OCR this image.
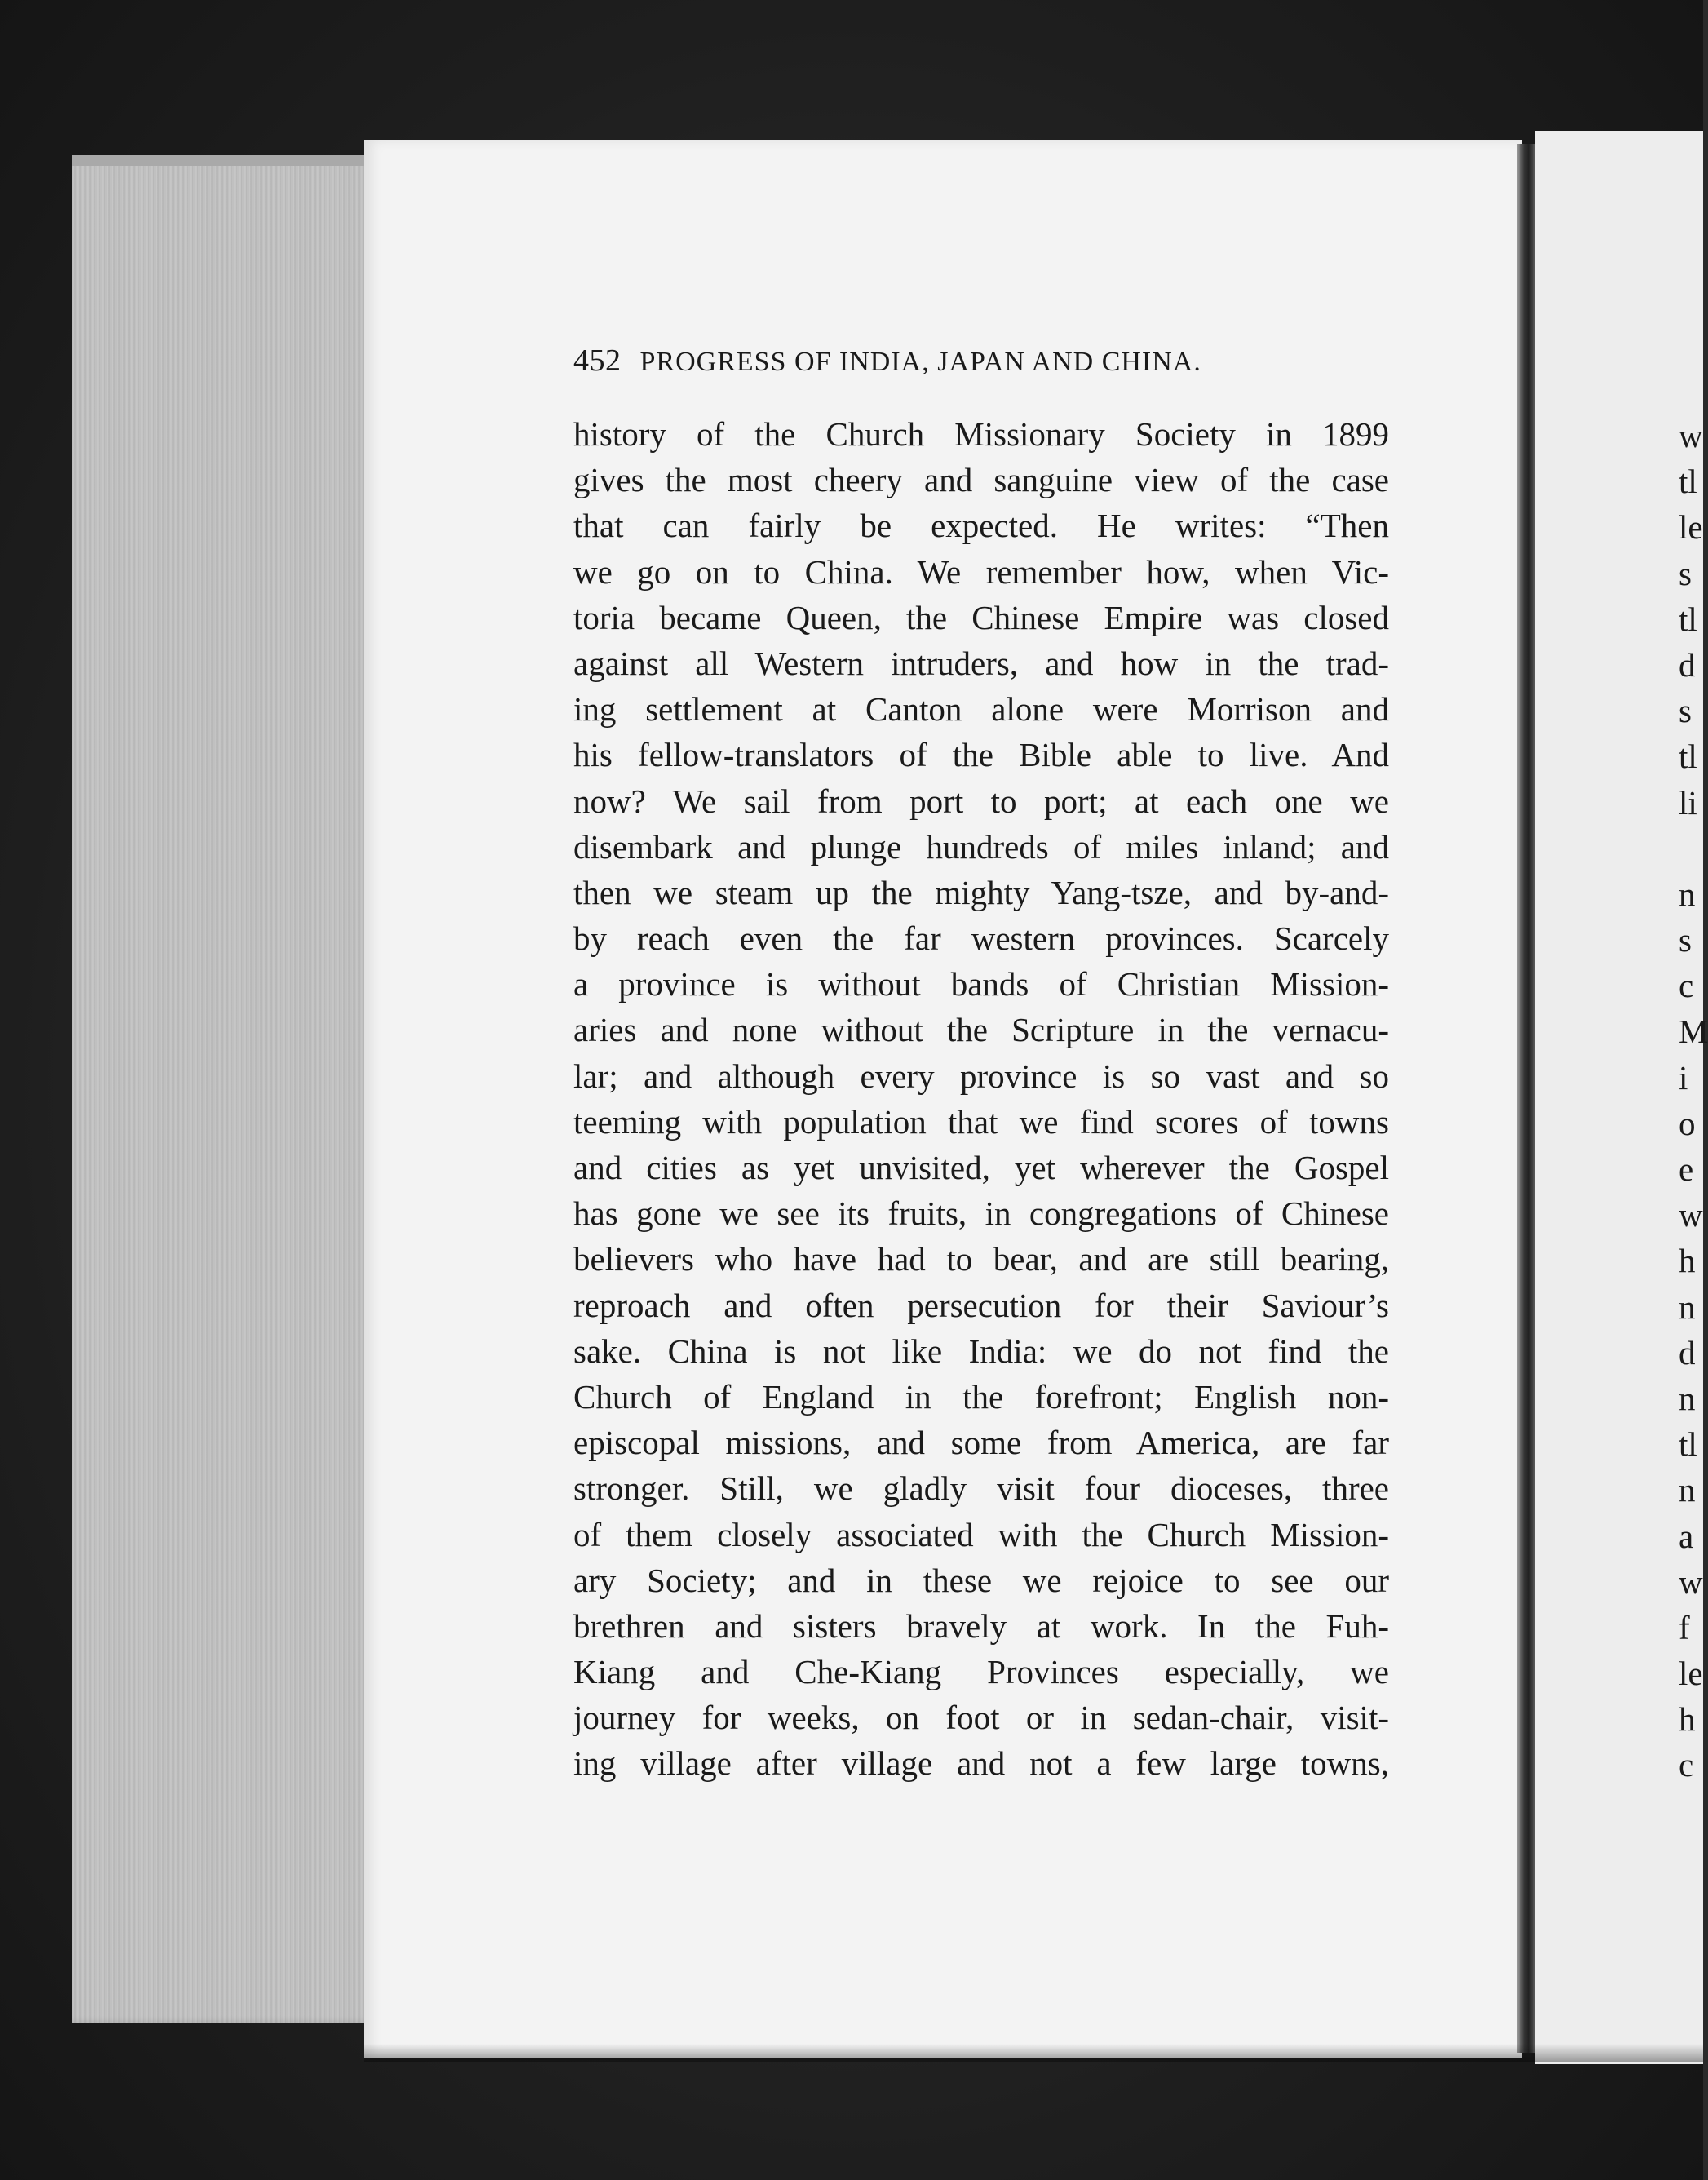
452 PROGRESS OF INDIA, JAPAN AND CHINA.
history of the Church Missionary Society in 1899
gives the most cheery and sanguine view of the case
that can fairly be expected. He writes: “Then
we go on to China. We remember how, when Vic-
toria became Queen, the Chinese Empire was closed
against all Western intruders, and how in the trad-
ing settlement at Canton alone were Morrison and
his fellow-translators of the Bible able to live. And
now? We sail from port to port; at each one we
disembark and plunge hundreds of miles inland; and
then we steam up the mighty Yang-tsze, and by-and-
by reach even the far western provinces. Scarcely
a province is without bands of Christian Mission-
aries and none without the Scripture in the vernacu-
lar; and although every province is so vast and so
teeming with population that we find scores of towns
and cities as yet unvisited, yet wherever the Gospel
has gone we see its fruits, in congregations of Chinese
believers who have had to bear, and are still bearing,
reproach and often persecution for their Saviour’s
sake. China is not like India: we do not find the
Church of England in the forefront; English non-
episcopal missions, and some from America, are far
stronger. Still, we gladly visit four dioceses, three
of them closely associated with the Church Mission-
ary Society; and in these we rejoice to see our
brethren and sisters bravely at work. In the Fuh-
Kiang and Che-Kiang Provinces especially, we
journey for weeks, on foot or in sedan-chair, visit-
ing village after village and not a few large towns,
w
tl
le
s
tl
d
s
tl
li
n
s
c
M
i
o
e
w
h
n
d
n
tl
n
a
w
f
le
h
c
